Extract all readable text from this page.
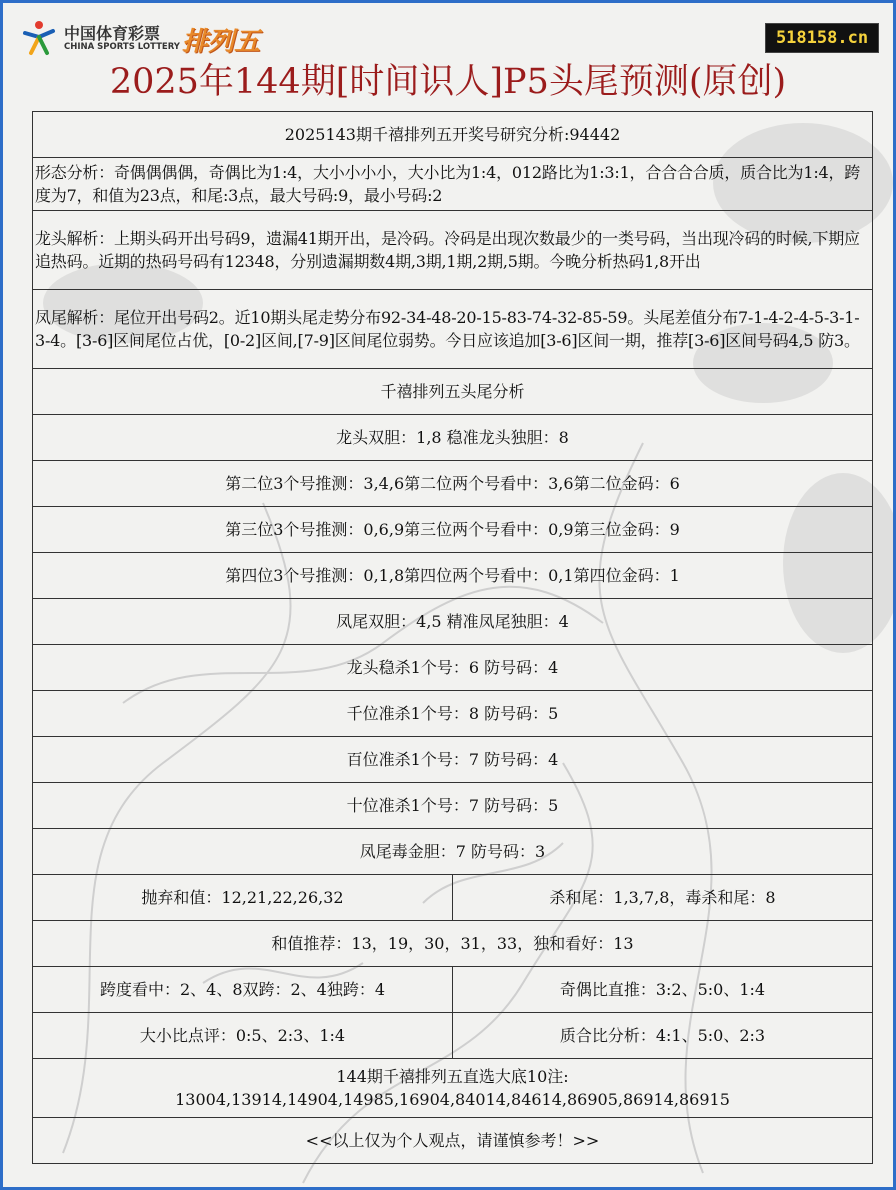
中国体育彩票
CHINA SPORTS LOTTERY 排列五	518158.cn
2025年144期[时间识人]P5头尾预测(原创)
2025143期千禧排列五开奖号研究分析:94442	
形态分析：奇偶偶偶偶，奇偶比为1:4，大小小小小，大小比为1:4，012路比为1:3:1，合合合合质，质合比为1:4，跨度为7，和值为23点，和尾:3点，最大号码:9，最小号码:2	
龙头解析：上期头码开出号码9，遗漏41期开出，是冷码。冷码是出现次数最少的一类号码，当出现冷码的时候,下期应追热码。近期的热码号码有12348，分别遗漏期数4期,3期,1期,2期,5期。今晚分析热码1,8开出	
凤尾解析：尾位开出号码2。近10期头尾走势分布92-34-48-20-15-83-74-32-85-59。头尾差值分布7-1-4-2-4-5-3-1-3-4。[3-6]区间尾位占优，[0-2]区间,[7-9]区间尾位弱势。今日应该追加[3-6]区间一期，推荐[3-6]区间号码4,5 防3。	
千禧排列五头尾分析	
龙头双胆：1,8 稳准龙头独胆：8	
第二位3个号推测：3,4,6第二位两个号看中：3,6第二位金码：6	
第三位3个号推测：0,6,9第三位两个号看中：0,9第三位金码：9	
第四位3个号推测：0,1,8第四位两个号看中：0,1第四位金码：1	
凤尾双胆：4,5 精准凤尾独胆：4	
龙头稳杀1个号：6 防号码：4	
千位准杀1个号：8 防号码：5	
百位准杀1个号：7 防号码：4	
十位准杀1个号：7 防号码：5	
凤尾毒金胆：7 防号码：3	
抛弃和值：12,21,22,26,32	杀和尾：1,3,7,8，毒杀和尾：8
和值推荐：13，19，30，31，33，独和看好：13	
跨度看中：2、4、8双跨：2、4独跨：4	奇偶比直推：3:2、5:0、1:4
大小比点评：0:5、2:3、1:4	质合比分析：4:1、5:0、2:3

144期千禧排列五直选大底10注:
13004,13914,14904,14985,16904,84014,84614,86905,86914,86915	

<<以上仅为个人观点，请谨慎参考！>>	
